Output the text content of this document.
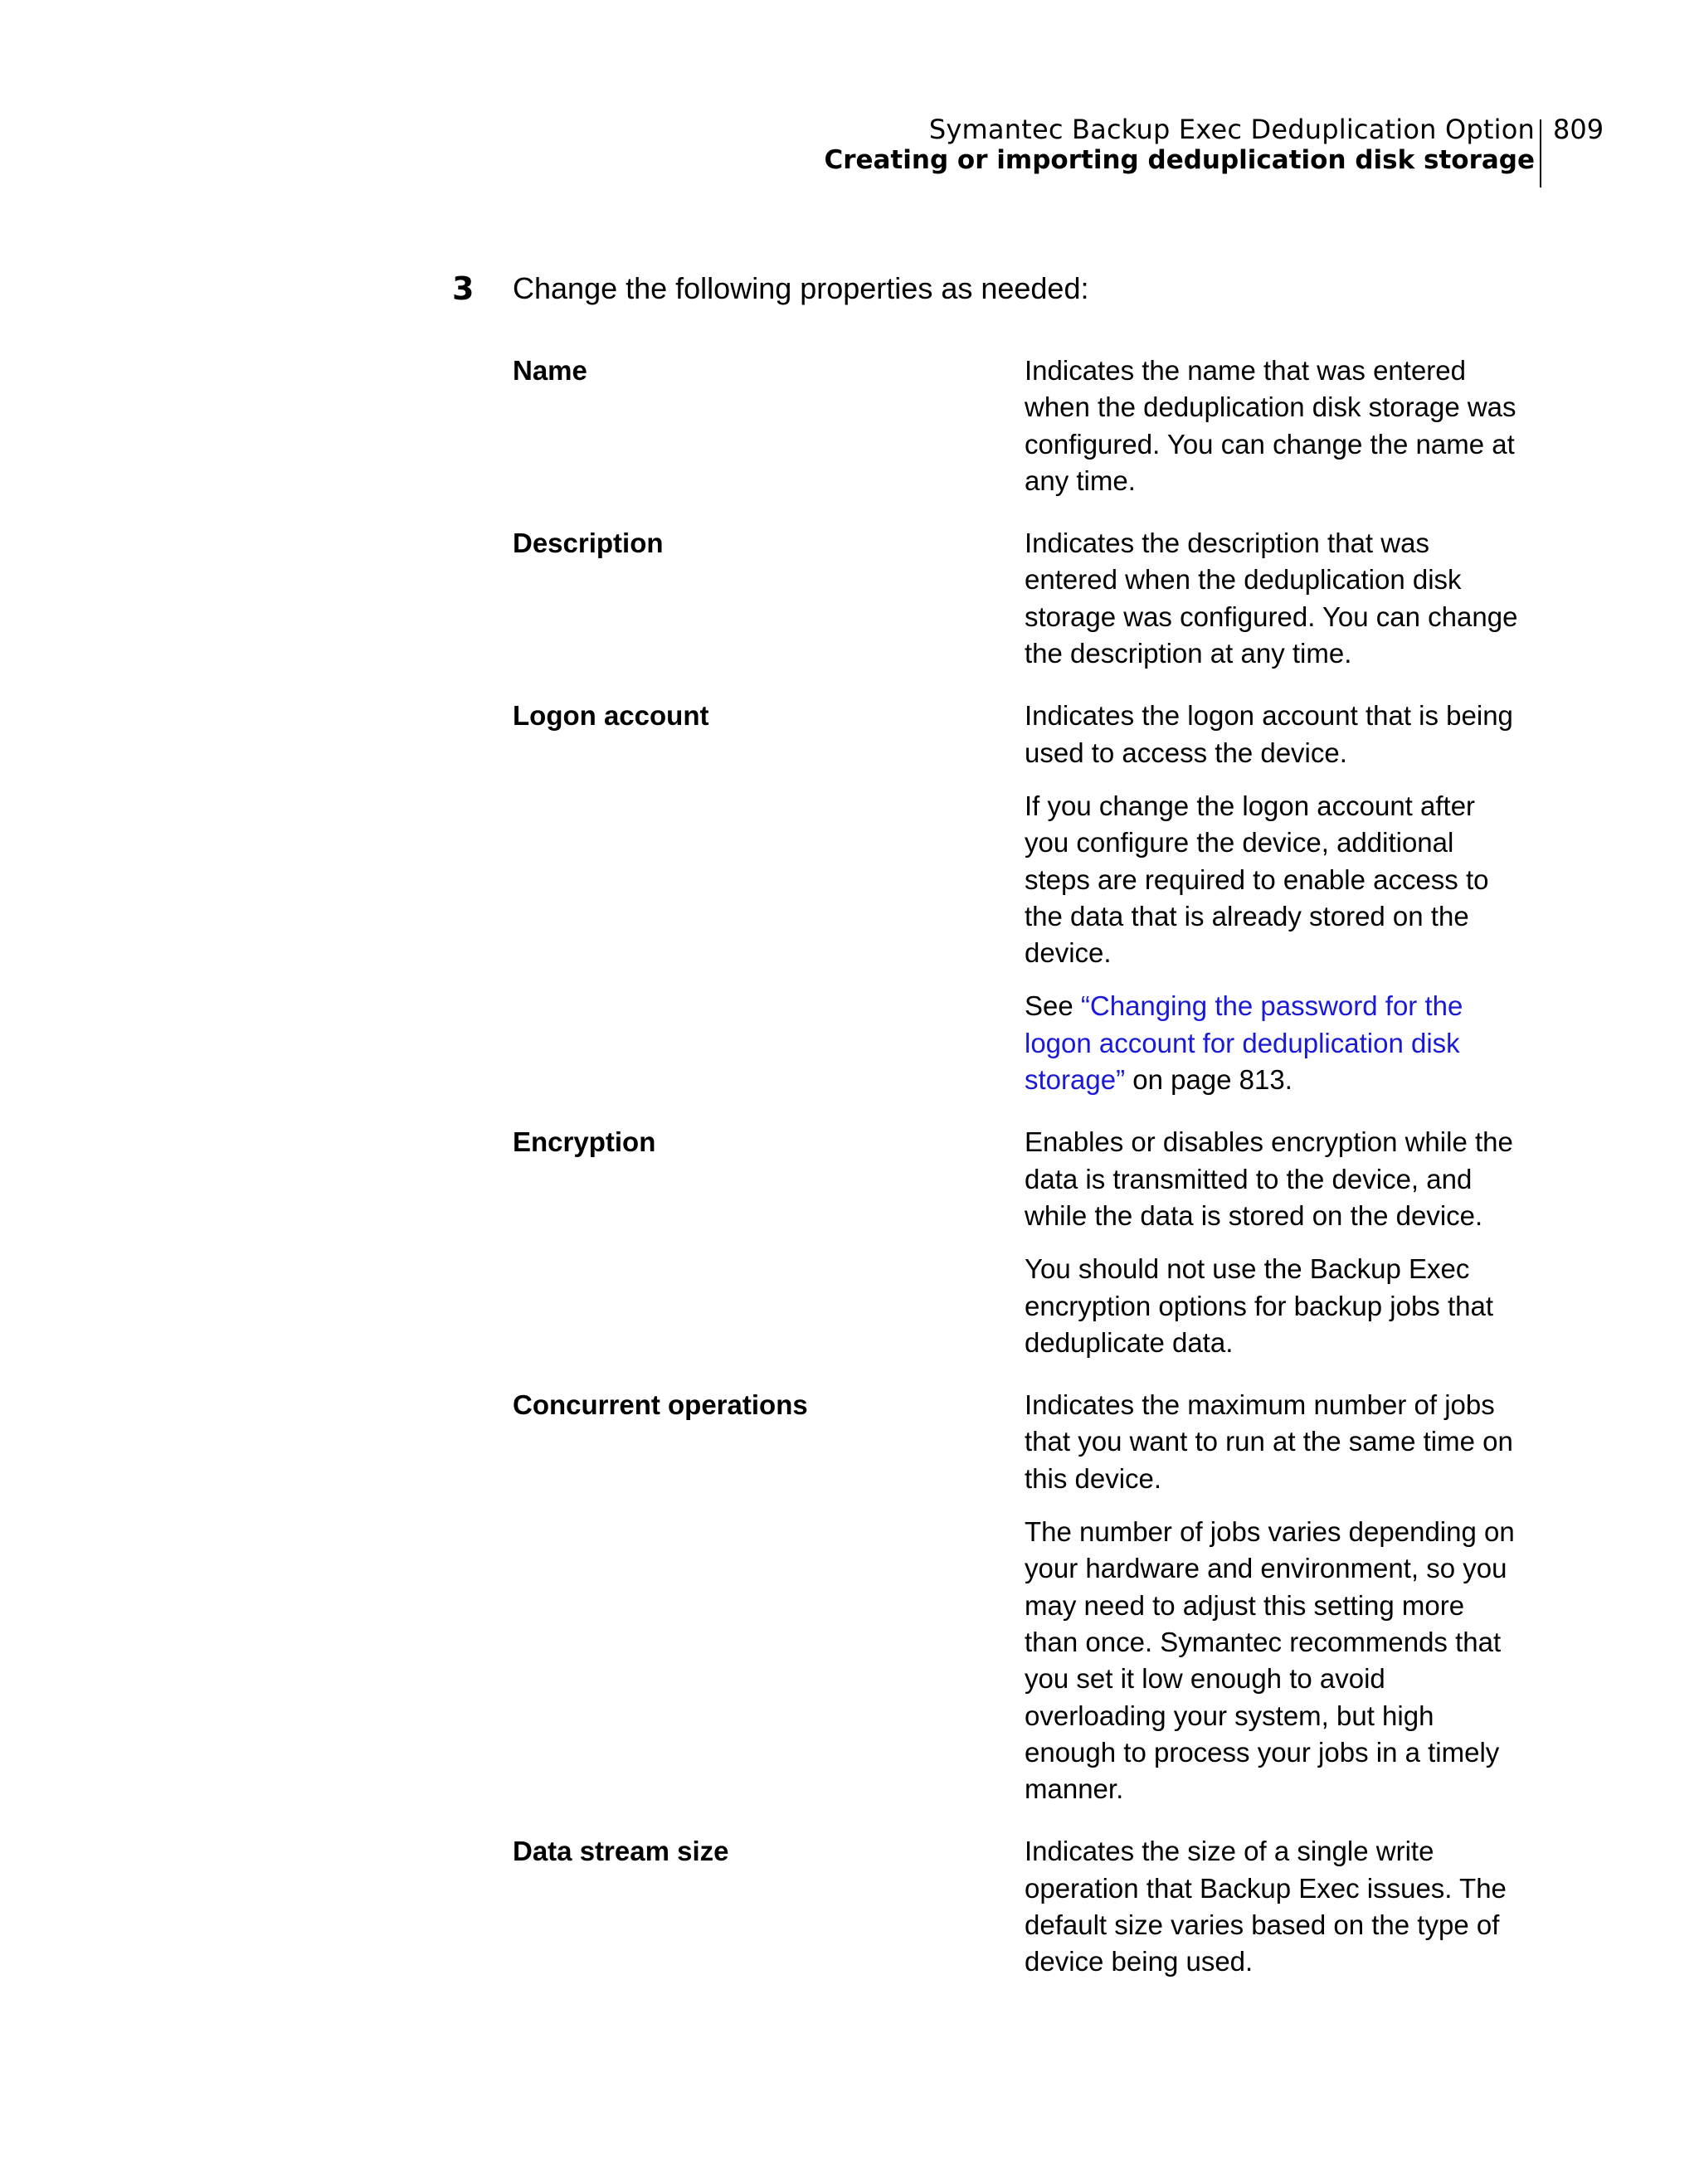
Symantec Backup Exec Deduplication Option
Creating or importing deduplication disk storage
809
3 Change the following properties as needed:
Name	Indicates the name that was entered when the deduplication disk storage was configured. You can change the name at any time.

Description	Indicates the description that was entered when the deduplication disk storage was configured. You can change the description at any time.

Logon account	Indicates the logon account that is being used to access the device.

If you change the logon account after you configure the device, additional steps are required to enable access to the data that is already stored on the device.

See “Changing the password for the logon account for deduplication disk storage” on page 813.

Encryption	Enables or disables encryption while the data is transmitted to the device, and while the data is stored on the device.

You should not use the Backup Exec encryption options for backup jobs that deduplicate data.

Concurrent operations	Indicates the maximum number of jobs that you want to run at the same time on this device.

The number of jobs varies depending on your hardware and environment, so you may need to adjust this setting more than once. Symantec recommends that you set it low enough to avoid overloading your system, but high enough to process your jobs in a timely manner.

Data stream size	Indicates the size of a single write operation that Backup Exec issues. The default size varies based on the type of device being used.
